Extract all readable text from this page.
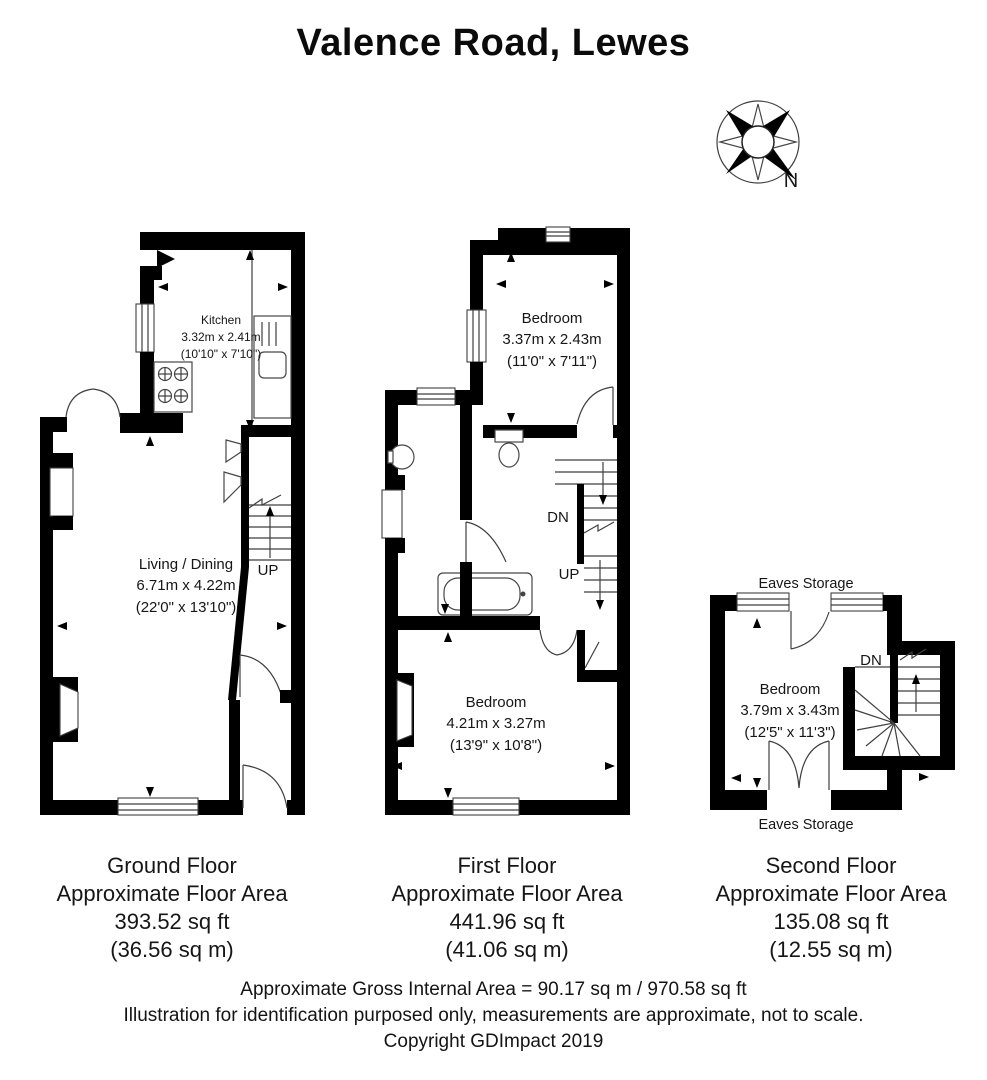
Valence Road, Lewes
N
Kitchen
3.32m x 2.41m
(10'10" x 7'10")
Living / Dining
6.71m x 4.22m
(22'0" x 13'10")
UP
Bedroom
3.37m x 2.43m
(11'0" x 7'11")
DN
UP
Bedroom
4.21m x 3.27m
(13'9" x 10'8")
Eaves Storage
Bedroom
3.79m x 3.43m
(12'5" x 11'3")
DN
Eaves Storage
Ground Floor
Approximate Floor Area
393.52 sq ft
(36.56 sq m)
First Floor
Approximate Floor Area
441.96 sq ft
(41.06 sq m)
Second Floor
Approximate Floor Area
135.08 sq ft
(12.55 sq m)
Approximate Gross Internal Area = 90.17 sq m / 970.58 sq ft
Illustration for identification purposed only, measurements are approximate, not to scale.
Copyright GDImpact 2019
